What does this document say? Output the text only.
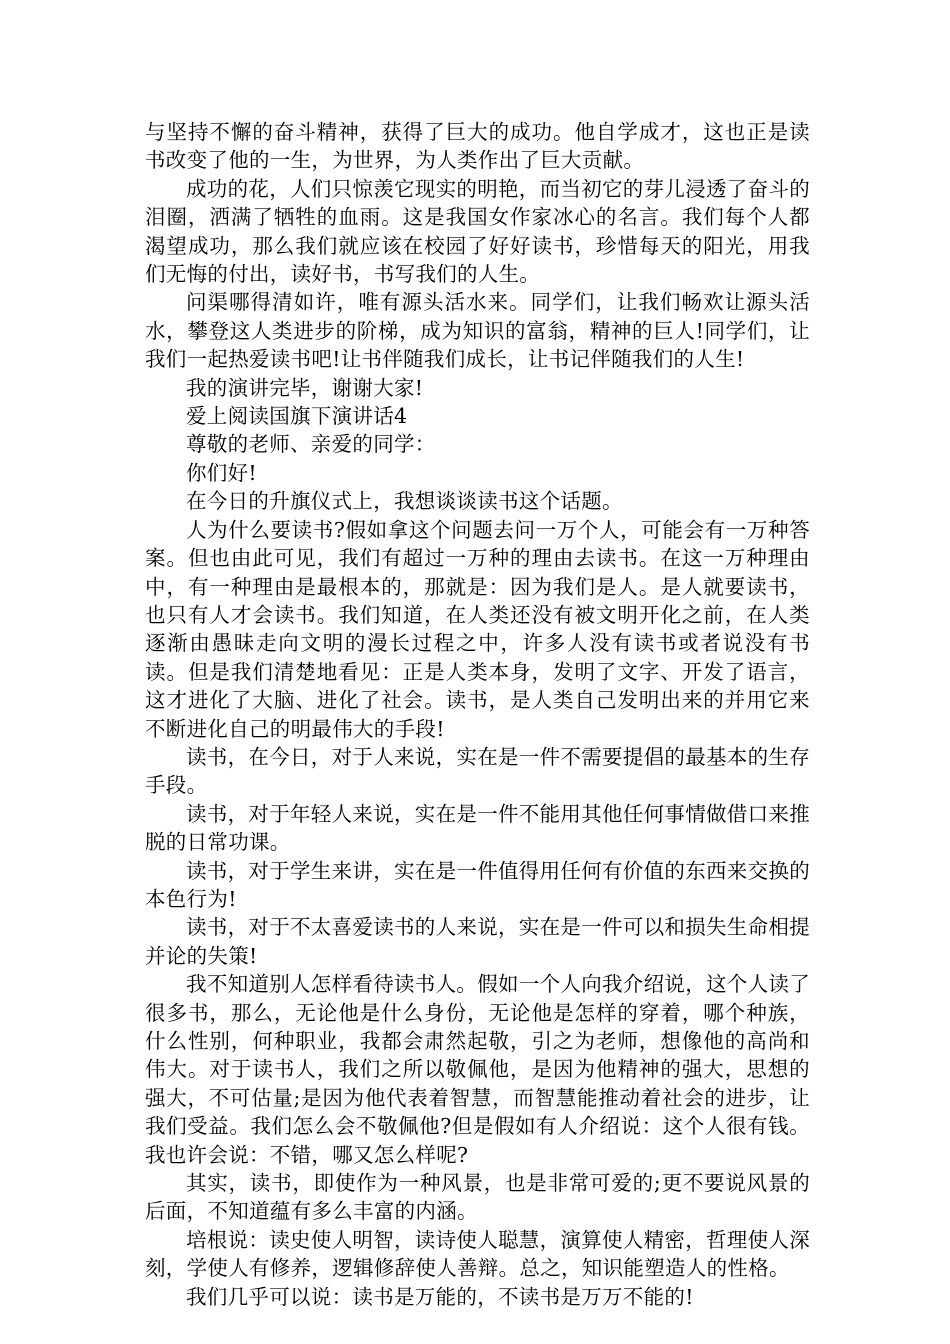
与坚持不懈的奋斗精神，获得了巨大的成功。他自学成才，这也正是读书改变了他的一生，为世界，为人类作出了巨大贡献。

成功的花，人们只惊羡它现实的明艳，而当初它的芽儿浸透了奋斗的泪圈，洒满了牺牲的血雨。这是我国女作家冰心的名言。我们每个人都渴望成功，那么我们就应该在校园了好好读书，珍惜每天的阳光，用我们无悔的付出，读好书，书写我们的人生。

问渠哪得清如许，唯有源头活水来。同学们，让我们畅欢让源头活水，攀登这人类进步的阶梯，成为知识的富翁，精神的巨人!同学们，让我们一起热爱读书吧!让书伴随我们成长，让书记伴随我们的人生!

我的演讲完毕，谢谢大家!

爱上阅读国旗下演讲话4

尊敬的老师、亲爱的同学：

你们好!

在今日的升旗仪式上，我想谈谈读书这个话题。

人为什么要读书?假如拿这个问题去问一万个人，可能会有一万种答案。但也由此可见，我们有超过一万种的理由去读书。在这一万种理由中，有一种理由是最根本的，那就是：因为我们是人。是人就要读书，也只有人才会读书。我们知道，在人类还没有被文明开化之前，在人类逐渐由愚昧走向文明的漫长过程之中，许多人没有读书或者说没有书读。但是我们清楚地看见：正是人类本身，发明了文字、开发了语言，这才进化了大脑、进化了社会。读书，是人类自己发明出来的并用它来不断进化自己的明最伟大的手段!

读书，在今日，对于人来说，实在是一件不需要提倡的最基本的生存手段。

读书，对于年轻人来说，实在是一件不能用其他任何事情做借口来推脱的日常功课。

读书，对于学生来讲，实在是一件值得用任何有价值的东西来交换的本色行为!

读书，对于不太喜爱读书的人来说，实在是一件可以和损失生命相提并论的失策!

我不知道别人怎样看待读书人。假如一个人向我介绍说，这个人读了很多书，那么，无论他是什么身份，无论他是怎样的穿着，哪个种族，什么性别，何种职业，我都会肃然起敬，引之为老师，想像他的高尚和伟大。对于读书人，我们之所以敬佩他，是因为他精神的强大，思想的强大，不可估量;是因为他代表着智慧，而智慧能推动着社会的进步，让我们受益。我们怎么会不敬佩他?但是假如有人介绍说：这个人很有钱。我也许会说：不错，哪又怎么样呢?

其实，读书，即使作为一种风景，也是非常可爱的;更不要说风景的后面，不知道蕴有多么丰富的内涵。

培根说：读史使人明智，读诗使人聪慧，演算使人精密，哲理使人深刻，学使人有修养，逻辑修辞使人善辩。总之，知识能塑造人的性格。

我们几乎可以说：读书是万能的，不读书是万万不能的!
